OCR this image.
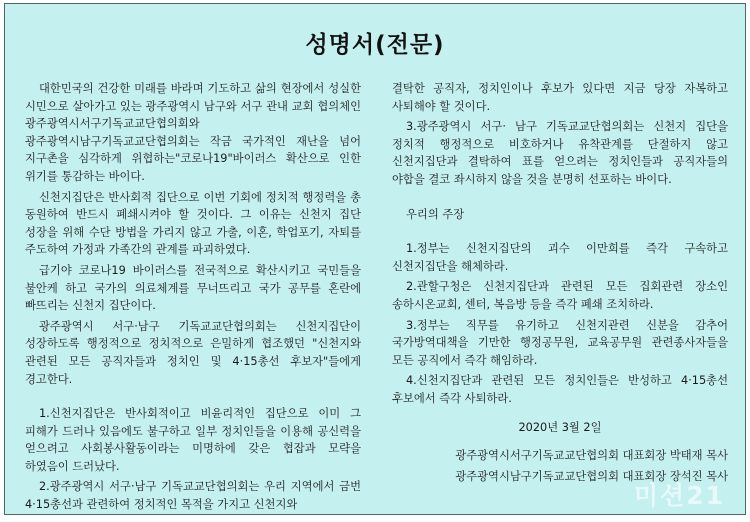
성명서(전문)

대한민국의 건강한 미래를 바라며 기도하고 삶의 현장에서 성실한 시민으로 살아가고 있는 광주광역시 남구와 서구 관내 교회 협의체인 광주광역시서구기독교교단협의회와 광주광역시남구기독교교단협의회는 작금 국가적인 재난을 넘어 지구촌을 심각하게 위협하는"코로나19"바이러스 확산으로 인한 위기를 통감하는 바이다.

신천지집단은 반사회적 집단으로 이번 기회에 정치적 행정력을 총 동원하여 반드시 폐쇄시켜야 할 것이다. 그 이유는 신천지 집단 성장을 위해 수단 방법을 가리지 않고 가출, 이혼, 학업포기, 자퇴를 주도하여 가정과 가족간의 관계를 파괴하였다.

급기야 코로나19 바이러스를 전국적으로 확산시키고 국민들을 불안케 하고 국가의 의료체계를 무너뜨리고 국가 공무를 혼란에 빠뜨리는 신천지 집단이다.

광주광역시 서구·남구 기독교교단협의회는 신천지집단이 성장하도록 행정적으로 정치적으로 은밀하게 협조했던 "신천지와 관련된 모든 공직자들과 정치인 및 4·15총선 후보자"들에게 경고한다.

1.신천지집단은 반사회적이고 비윤리적인 집단으로 이미 그 피해가 드러나 있음에도 불구하고 일부 정치인들을 이용해 공신력을 얻으려고 사회봉사활동이라는 미명하에 갖은 협잡과 모략을 하였음이 드러났다.

2.광주광역시 서구·남구 기독교교단협의회는 우리 지역에서 금번 4·15총선과 관련하여 정치적인 목적을 가지고 신천지와

결탁한 공직자, 정치인이나 후보가 있다면 지금 당장 자복하고 사퇴해야 할 것이다.

3.광주광역시 서구· 남구 기독교교단협의회는 신천지 집단을 정치적 행정적으로 비호하거나 유착관계를 단절하지 않고 신천지집단과 결탁하여 표를 얻으려는 정치인들과 공직자들의 야합을 결코 좌시하지 않을 것을 분명히 선포하는 바이다.

우리의 주장

1.정부는 신천지집단의 괴수 이만희를 즉각 구속하고 신천지집단을 해체하라.

2.관할구청은 신천지집단과 관련된 모든 집회관련 장소인 송하시온교회, 센터, 복음방 등을 즉각 폐쇄 조치하라.

3.정부는 직무를 유기하고 신천지관련 신분을 감추어 국가방역대책을 기만한 행정공무원, 교육공무원 관련종사자들을 모든 공직에서 즉각 해임하라.

4.신천지집단과 관련된 모든 정치인들은 반성하고 4·15총선 후보에서 즉각 사퇴하라.

2020년 3월 2일

광주광역시서구기독교교단협의회 대표회장 박태재 목사

광주광역시남구기독교교단협의회 대표회장 장석진 목사

미션21
